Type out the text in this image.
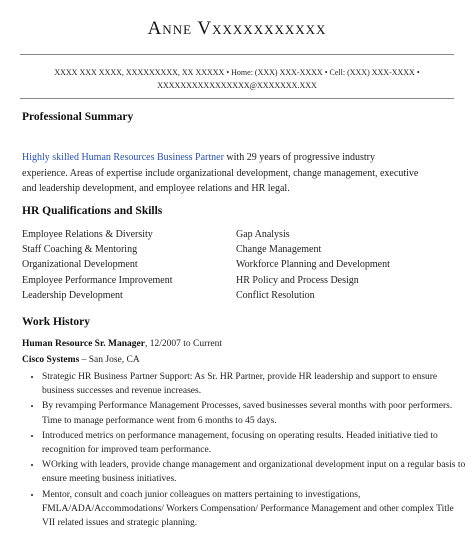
Anne Vxxxxxxxxxxx
XXXX XXX XXXX, XXXXXXXXX, XX XXXXX • Home: (XXX) XXX-XXXX • Cell: (XXX) XXX-XXXX •
XXXXXXXXXXXXXXXX@XXXXXXX.XXX
Professional Summary
Highly skilled Human Resources Business Partner with 29 years of progressive industry experience. Areas of expertise include organizational development, change management, executive and leadership development, and employee relations and HR legal.
HR Qualifications and Skills
Employee Relations & Diversity
Staff Coaching & Mentoring
Organizational Development
Employee Performance Improvement
Leadership Development
Gap Analysis
Change Management
Workforce Planning and Development
HR Policy and Process Design
Conflict Resolution
Work History
Human Resource Sr. Manager, 12/2007 to Current
Cisco Systems – San Jose, CA
• Strategic HR Business Partner Support: As Sr. HR Partner, provide HR leadership and support to ensure business successes and revenue increases.
• By revamping Performance Management Processes, saved businesses several months with poor performers. Time to manage performance went from 6 months to 45 days.
• Introduced metrics on performance management, focusing on operating results. Headed initiative tied to recognition for improved team performance.
• WOrking with leaders, provide change management and organizational development input on a regular basis to ensure meeting business initiatives.
• Mentor, consult and coach junior colleagues on matters pertaining to investigations, FMLA/ADA/Accommodations/ Workers Compensation/ Performance Management and other complex Title VII related issues and strategic planning.
